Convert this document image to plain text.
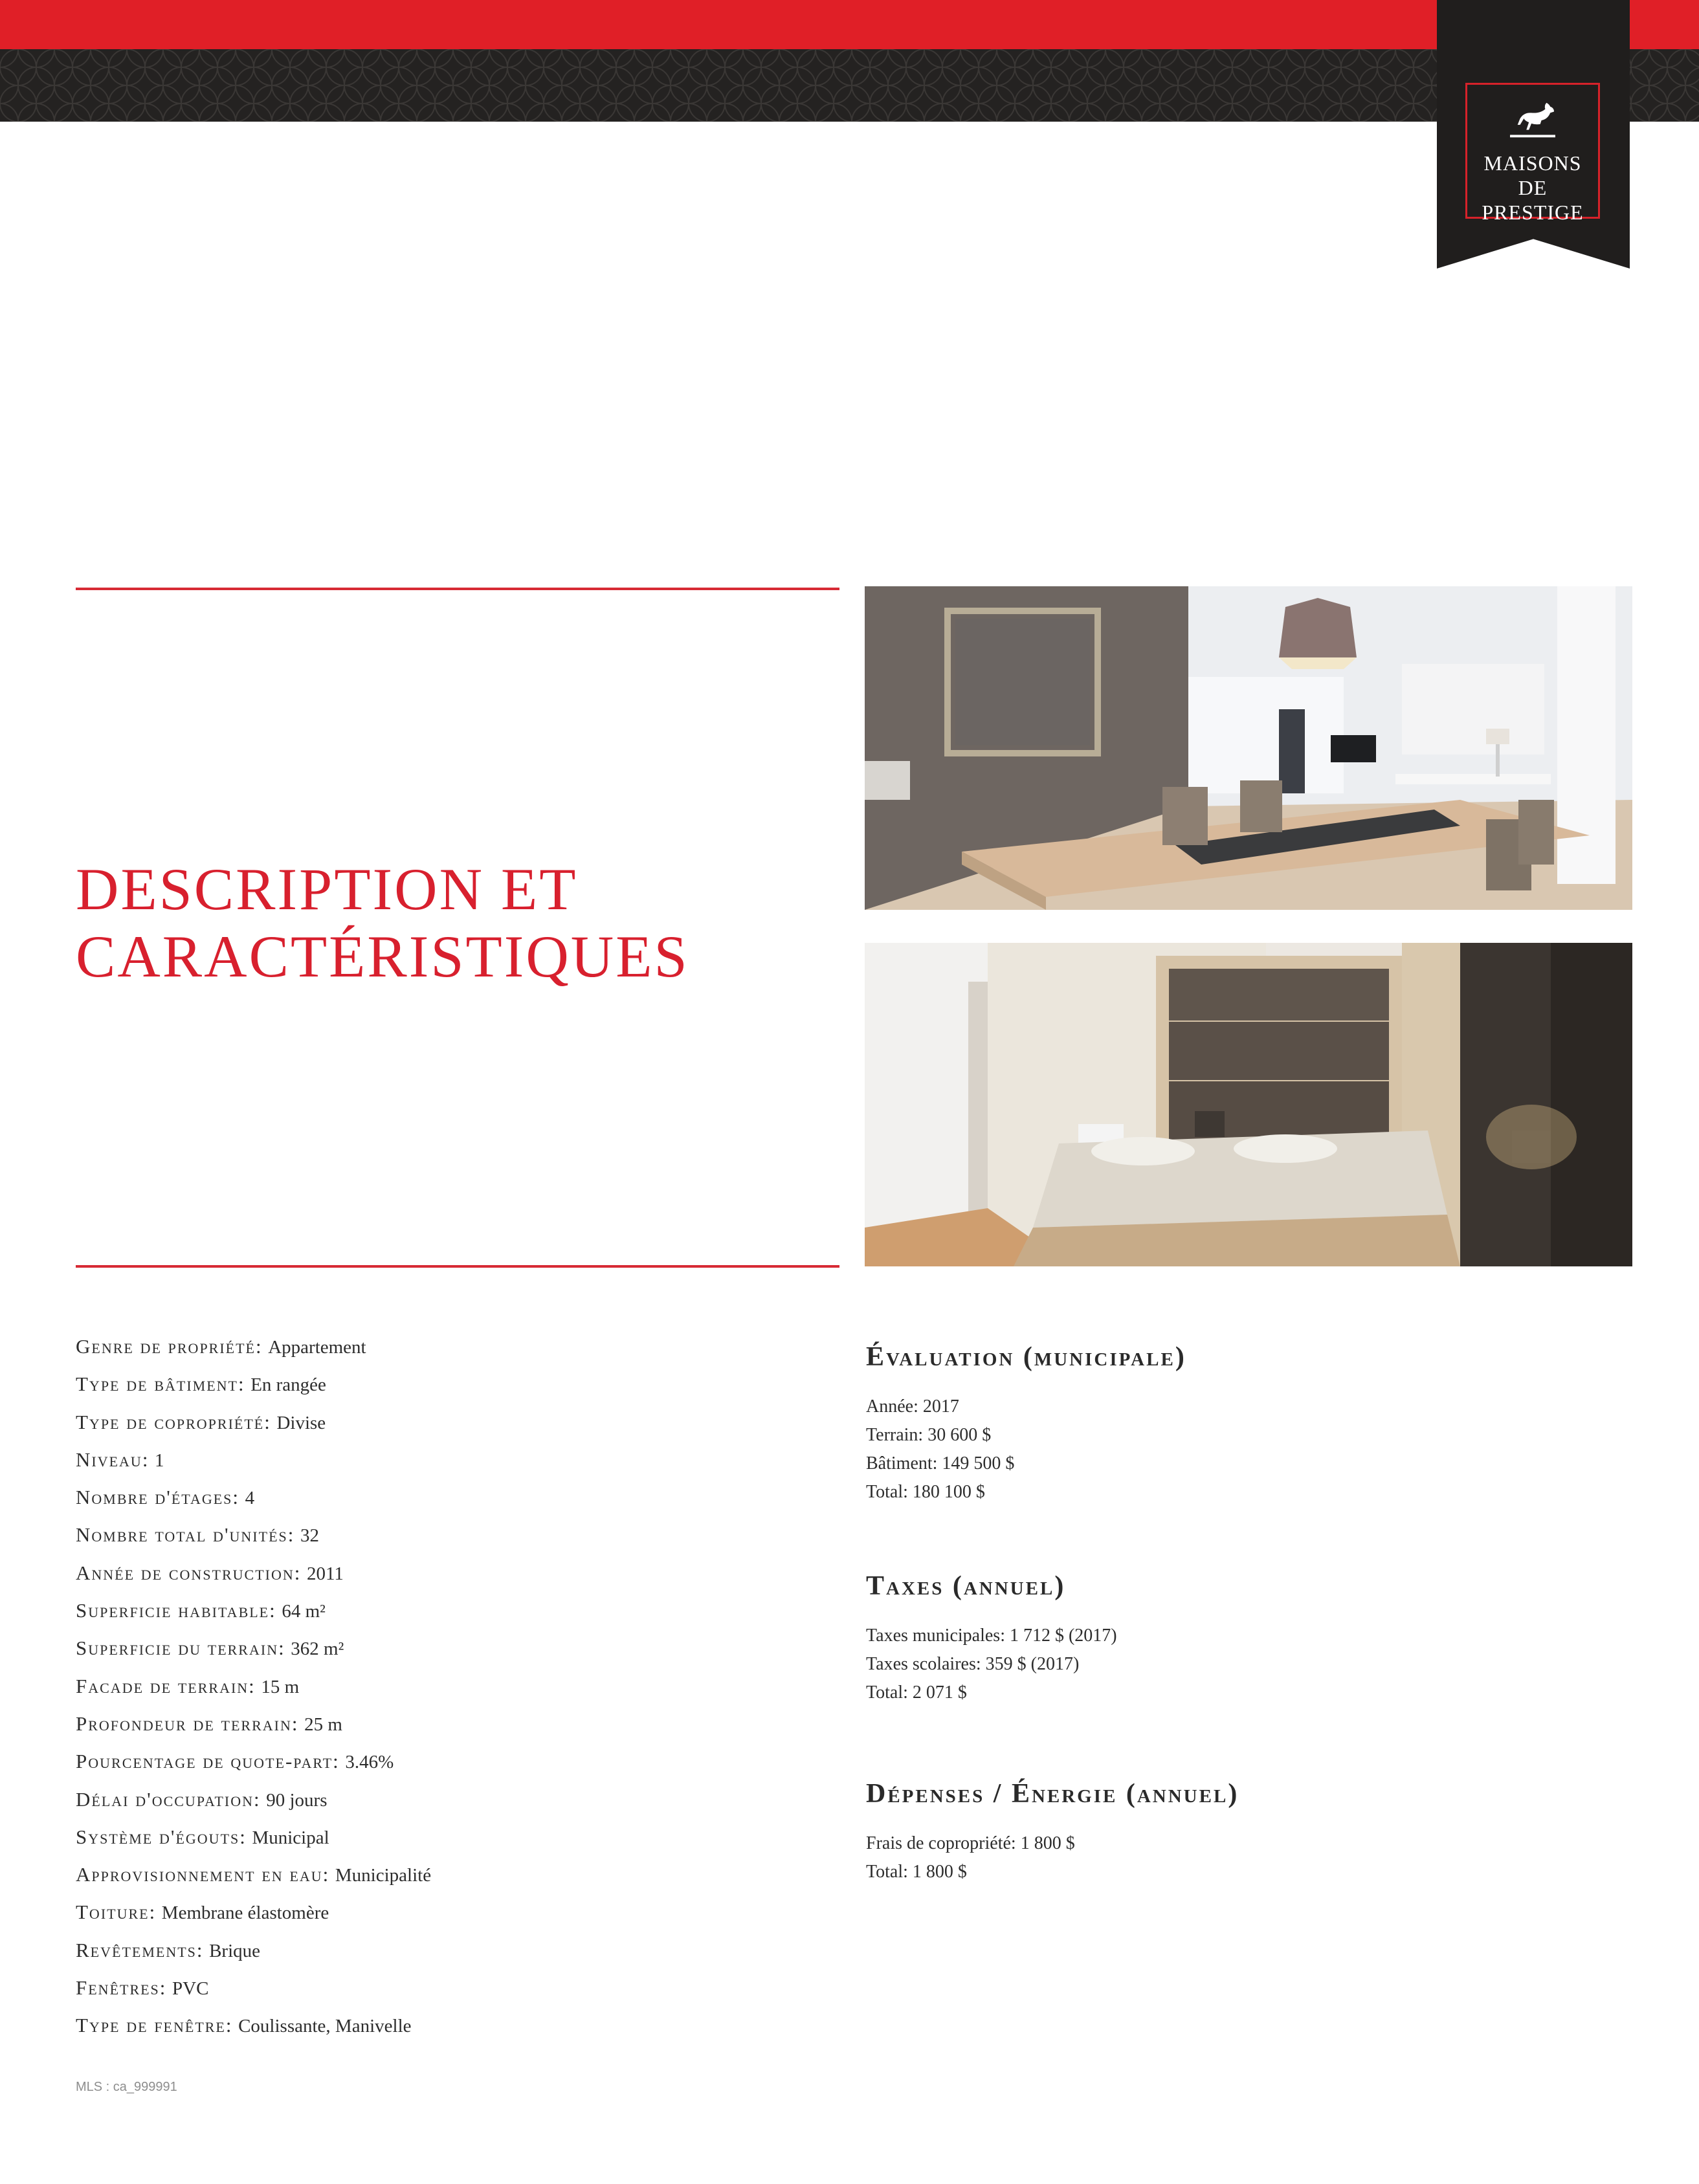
MAISONS
DE PRESTIGE
DESCRIPTION ET
CARACTÉRISTIQUES
Genre de propriété: Appartement
Type de bâtiment: En rangée
Type de copropriété: Divise
Niveau: 1
Nombre d'étages: 4
Nombre total d'unités: 32
Année de construction: 2011
Superficie habitable: 64 m²
Superficie du terrain: 362 m²
Facade de terrain: 15 m
Profondeur de terrain: 25 m
Pourcentage de quote-part: 3.46%
Délai d'occupation: 90 jours
Système d'égouts: Municipal
Approvisionnement en eau: Municipalité
Toiture: Membrane élastomère
Revêtements: Brique
Fenêtres: PVC
Type de fenêtre: Coulissante, Manivelle
Évaluation (municipale)
Année: 2017
Terrain: 30 600 $
Bâtiment: 149 500 $
Total: 180 100 $
Taxes (annuel)
Taxes municipales: 1 712 $ (2017)
Taxes scolaires: 359 $ (2017)
Total: 2 071 $
Dépenses / Énergie (annuel)
Frais de copropriété: 1 800 $
Total: 1 800 $
MLS : ca_999991
